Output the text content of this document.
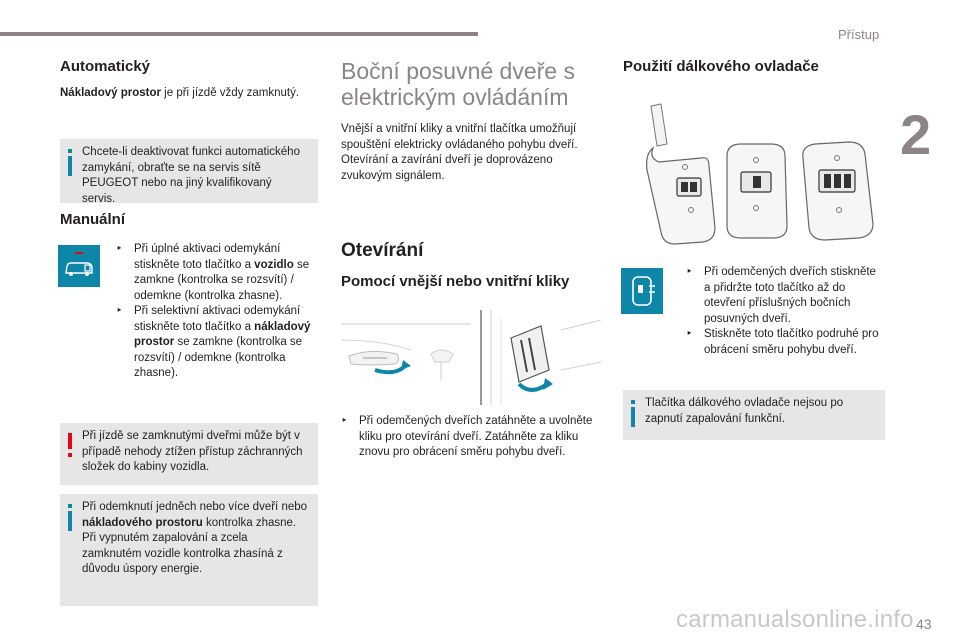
Přístup
2
43
carmanualsonline.info
Automatický

Nákladový prostor je při jízdě vždy zamknutý.

Chcete-li deaktivovat funkci automatického zamykání, obraťte se na servis sítě PEUGEOT nebo na jiný kvalifikovaný servis.

Manuální
‣ Při úplné aktivaci odemykání stiskněte toto tlačítko a vozidlo se zamkne (kontrolka se rozsvítí) / odemkne (kontrolka zhasne).
‣ Při selektivní aktivaci odemykání stiskněte toto tlačítko a nákladový prostor se zamkne (kontrolka se rozsvítí) / odemkne (kontrolka zhasne).

Při jízdě se zamknutými dveřmi může být v případě nehody ztížen přístup záchranných složek do kabiny vozidla.

Při odemknutí jedněch nebo více dveří nebo nákladového prostoru kontrolka zhasne.

Při vypnutém zapalování a zcela zamknutém vozidle kontrolka zhasíná z důvodu úspory energie.

Boční posuvné dveře s elektrickým ovládáním

Vnější a vnitřní kliky a vnitřní tlačítka umožňují spouštění elektricky ovládaného pohybu dveří. Otevírání a zavírání dveří je doprovázeno zvukovým signálem.

Otevírání
Pomocí vnější nebo vnitřní kliky
‣ Při odemčených dveřích zatáhněte a uvolněte kliku pro otevírání dveří. Zatáhněte za kliku znovu pro obrácení směru pohybu dveří.
Použití dálkového ovladače
‣ Při odemčených dveřích stiskněte a přidržte toto tlačítko až do otevření příslušných bočních posuvných dveří.
‣ Stiskněte toto tlačítko podruhé pro obrácení směru pohybu dveří.

Tlačítka dálkového ovladače nejsou po zapnutí zapalování funkční.
